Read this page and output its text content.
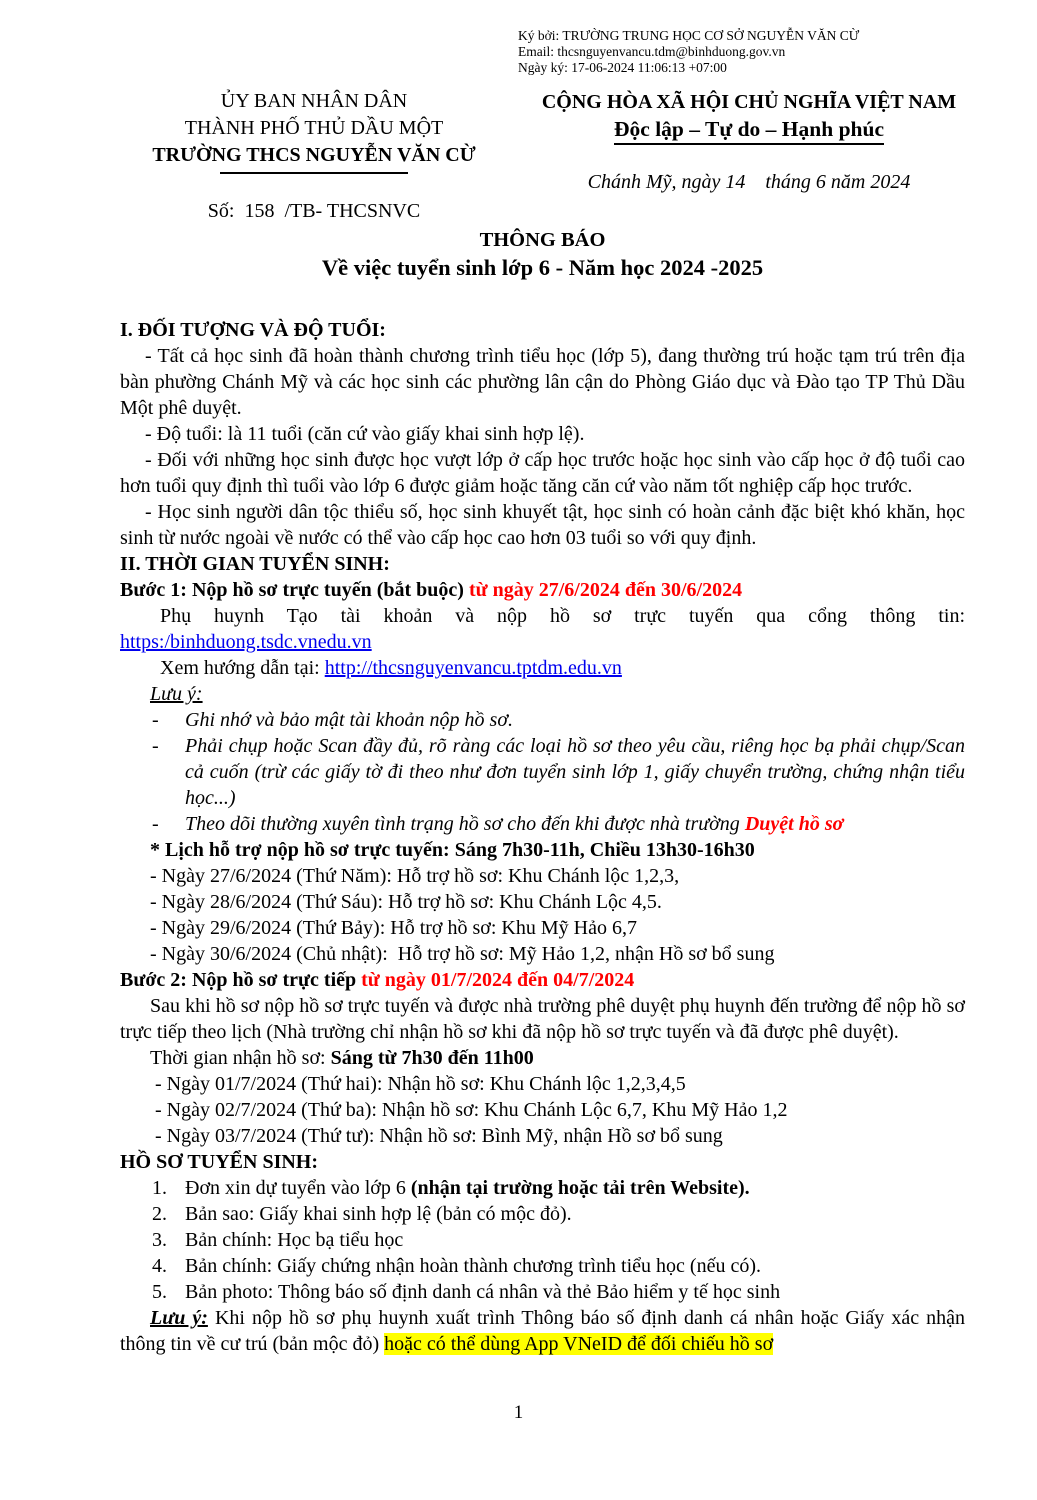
Ký bởi: TRƯỜNG TRUNG HỌC CƠ SỞ NGUYỄN VĂN CỪ
Email: thcsnguyenvancu.tdm@binhduong.gov.vn
Ngày ký: 17-06-2024 11:06:13 +07:00
ỦY BAN NHÂN DÂN
THÀNH PHỐ THỦ DẦU MỘT
TRƯỜNG THCS NGUYỄN VĂN CỪ
Số:  158  /TB- THCSNVC
CỘNG HÒA XÃ HỘI CHỦ NGHĨA VIỆT NAM
Độc lập – Tự do – Hạnh phúc
Chánh Mỹ, ngày 14    tháng 6 năm 2024
THÔNG BÁO
Về việc tuyển sinh lớp 6 - Năm học 2024 -2025
I. ĐỐI TƯỢNG VÀ ĐỘ TUỔI:
- Tất cả học sinh đã hoàn thành chương trình tiểu học (lớp 5), đang thường trú hoặc tạm trú trên địa bàn phường Chánh Mỹ và các học sinh các phường lân cận do Phòng Giáo dục và Đào tạo TP Thủ Dầu Một phê duyệt.
- Độ tuổi: là 11 tuổi (căn cứ vào giấy khai sinh hợp lệ).
- Đối với những học sinh được học vượt lớp ở cấp học trước hoặc học sinh vào cấp học ở độ tuổi cao hơn tuổi quy định thì tuổi vào lớp 6 được giảm hoặc tăng căn cứ vào năm tốt nghiệp cấp học trước.
- Học sinh người dân tộc thiểu số, học sinh khuyết tật, học sinh có hoàn cảnh đặc biệt khó khăn, học sinh từ nước ngoài về nước có thể vào cấp học cao hơn 03 tuổi so với quy định.
II. THỜI GIAN TUYỂN SINH:
Bước 1: Nộp hồ sơ trực tuyến (bắt buộc) từ ngày 27/6/2024 đến 30/6/2024
Phụ huynh Tạo tài khoản và nộp hồ sơ trực tuyến qua cổng thông tin:
https:/binhduong.tsdc.vnedu.vn
Xem hướng dẫn tại: http://thcsnguyenvancu.tptdm.edu.vn
Lưu ý:
- Ghi nhớ và bảo mật tài khoản nộp hồ sơ.
- Phải chụp hoặc Scan đầy đủ, rõ ràng các loại hồ sơ theo yêu cầu, riêng học bạ phải chụp/Scan cả cuốn (trừ các giấy tờ đi theo như đơn tuyển sinh lớp 1, giấy chuyển trường, chứng nhận tiểu học...)
- Theo dõi thường xuyên tình trạng hồ sơ cho đến khi được nhà trường Duyệt hồ sơ
* Lịch hỗ trợ nộp hồ sơ trực tuyến: Sáng 7h30-11h, Chiều 13h30-16h30
- Ngày 27/6/2024 (Thứ Năm): Hỗ trợ hồ sơ: Khu Chánh lộc 1,2,3,
- Ngày 28/6/2024 (Thứ Sáu): Hỗ trợ hồ sơ: Khu Chánh Lộc 4,5.
- Ngày 29/6/2024 (Thứ Bảy): Hỗ trợ hồ sơ: Khu Mỹ Hảo 6,7
- Ngày 30/6/2024 (Chủ nhật):  Hỗ trợ hồ sơ: Mỹ Hảo 1,2, nhận Hồ sơ bổ sung
Bước 2: Nộp hồ sơ trực tiếp từ ngày 01/7/2024 đến 04/7/2024
Sau khi hồ sơ nộp hồ sơ trực tuyến và được nhà trường phê duyệt phụ huynh đến trường để nộp hồ sơ trực tiếp theo lịch (Nhà trường chỉ nhận hồ sơ khi đã nộp hồ sơ trực tuyến và đã được phê duyệt).
Thời gian nhận hồ sơ: Sáng từ 7h30 đến 11h00
- Ngày 01/7/2024 (Thứ hai): Nhận hồ sơ: Khu Chánh lộc 1,2,3,4,5
- Ngày 02/7/2024 (Thứ ba): Nhận hồ sơ: Khu Chánh Lộc 6,7, Khu Mỹ Hảo 1,2
- Ngày 03/7/2024 (Thứ tư): Nhận hồ sơ: Bình Mỹ, nhận Hồ sơ bổ sung
HỒ SƠ TUYỂN SINH:
1. Đơn xin dự tuyển vào lớp 6 (nhận tại trường hoặc tải trên Website).
2. Bản sao: Giấy khai sinh hợp lệ (bản có mộc đỏ).
3. Bản chính: Học bạ tiểu học
4. Bản chính: Giấy chứng nhận hoàn thành chương trình tiểu học (nếu có).
5. Bản photo: Thông báo số định danh cá nhân và thẻ Bảo hiểm y tế học sinh
Lưu ý: Khi nộp hồ sơ phụ huynh xuất trình Thông báo số định danh cá nhân hoặc Giấy xác nhận thông tin về cư trú (bản mộc đỏ) hoặc có thể dùng App VNeID để đối chiếu hồ sơ
1
